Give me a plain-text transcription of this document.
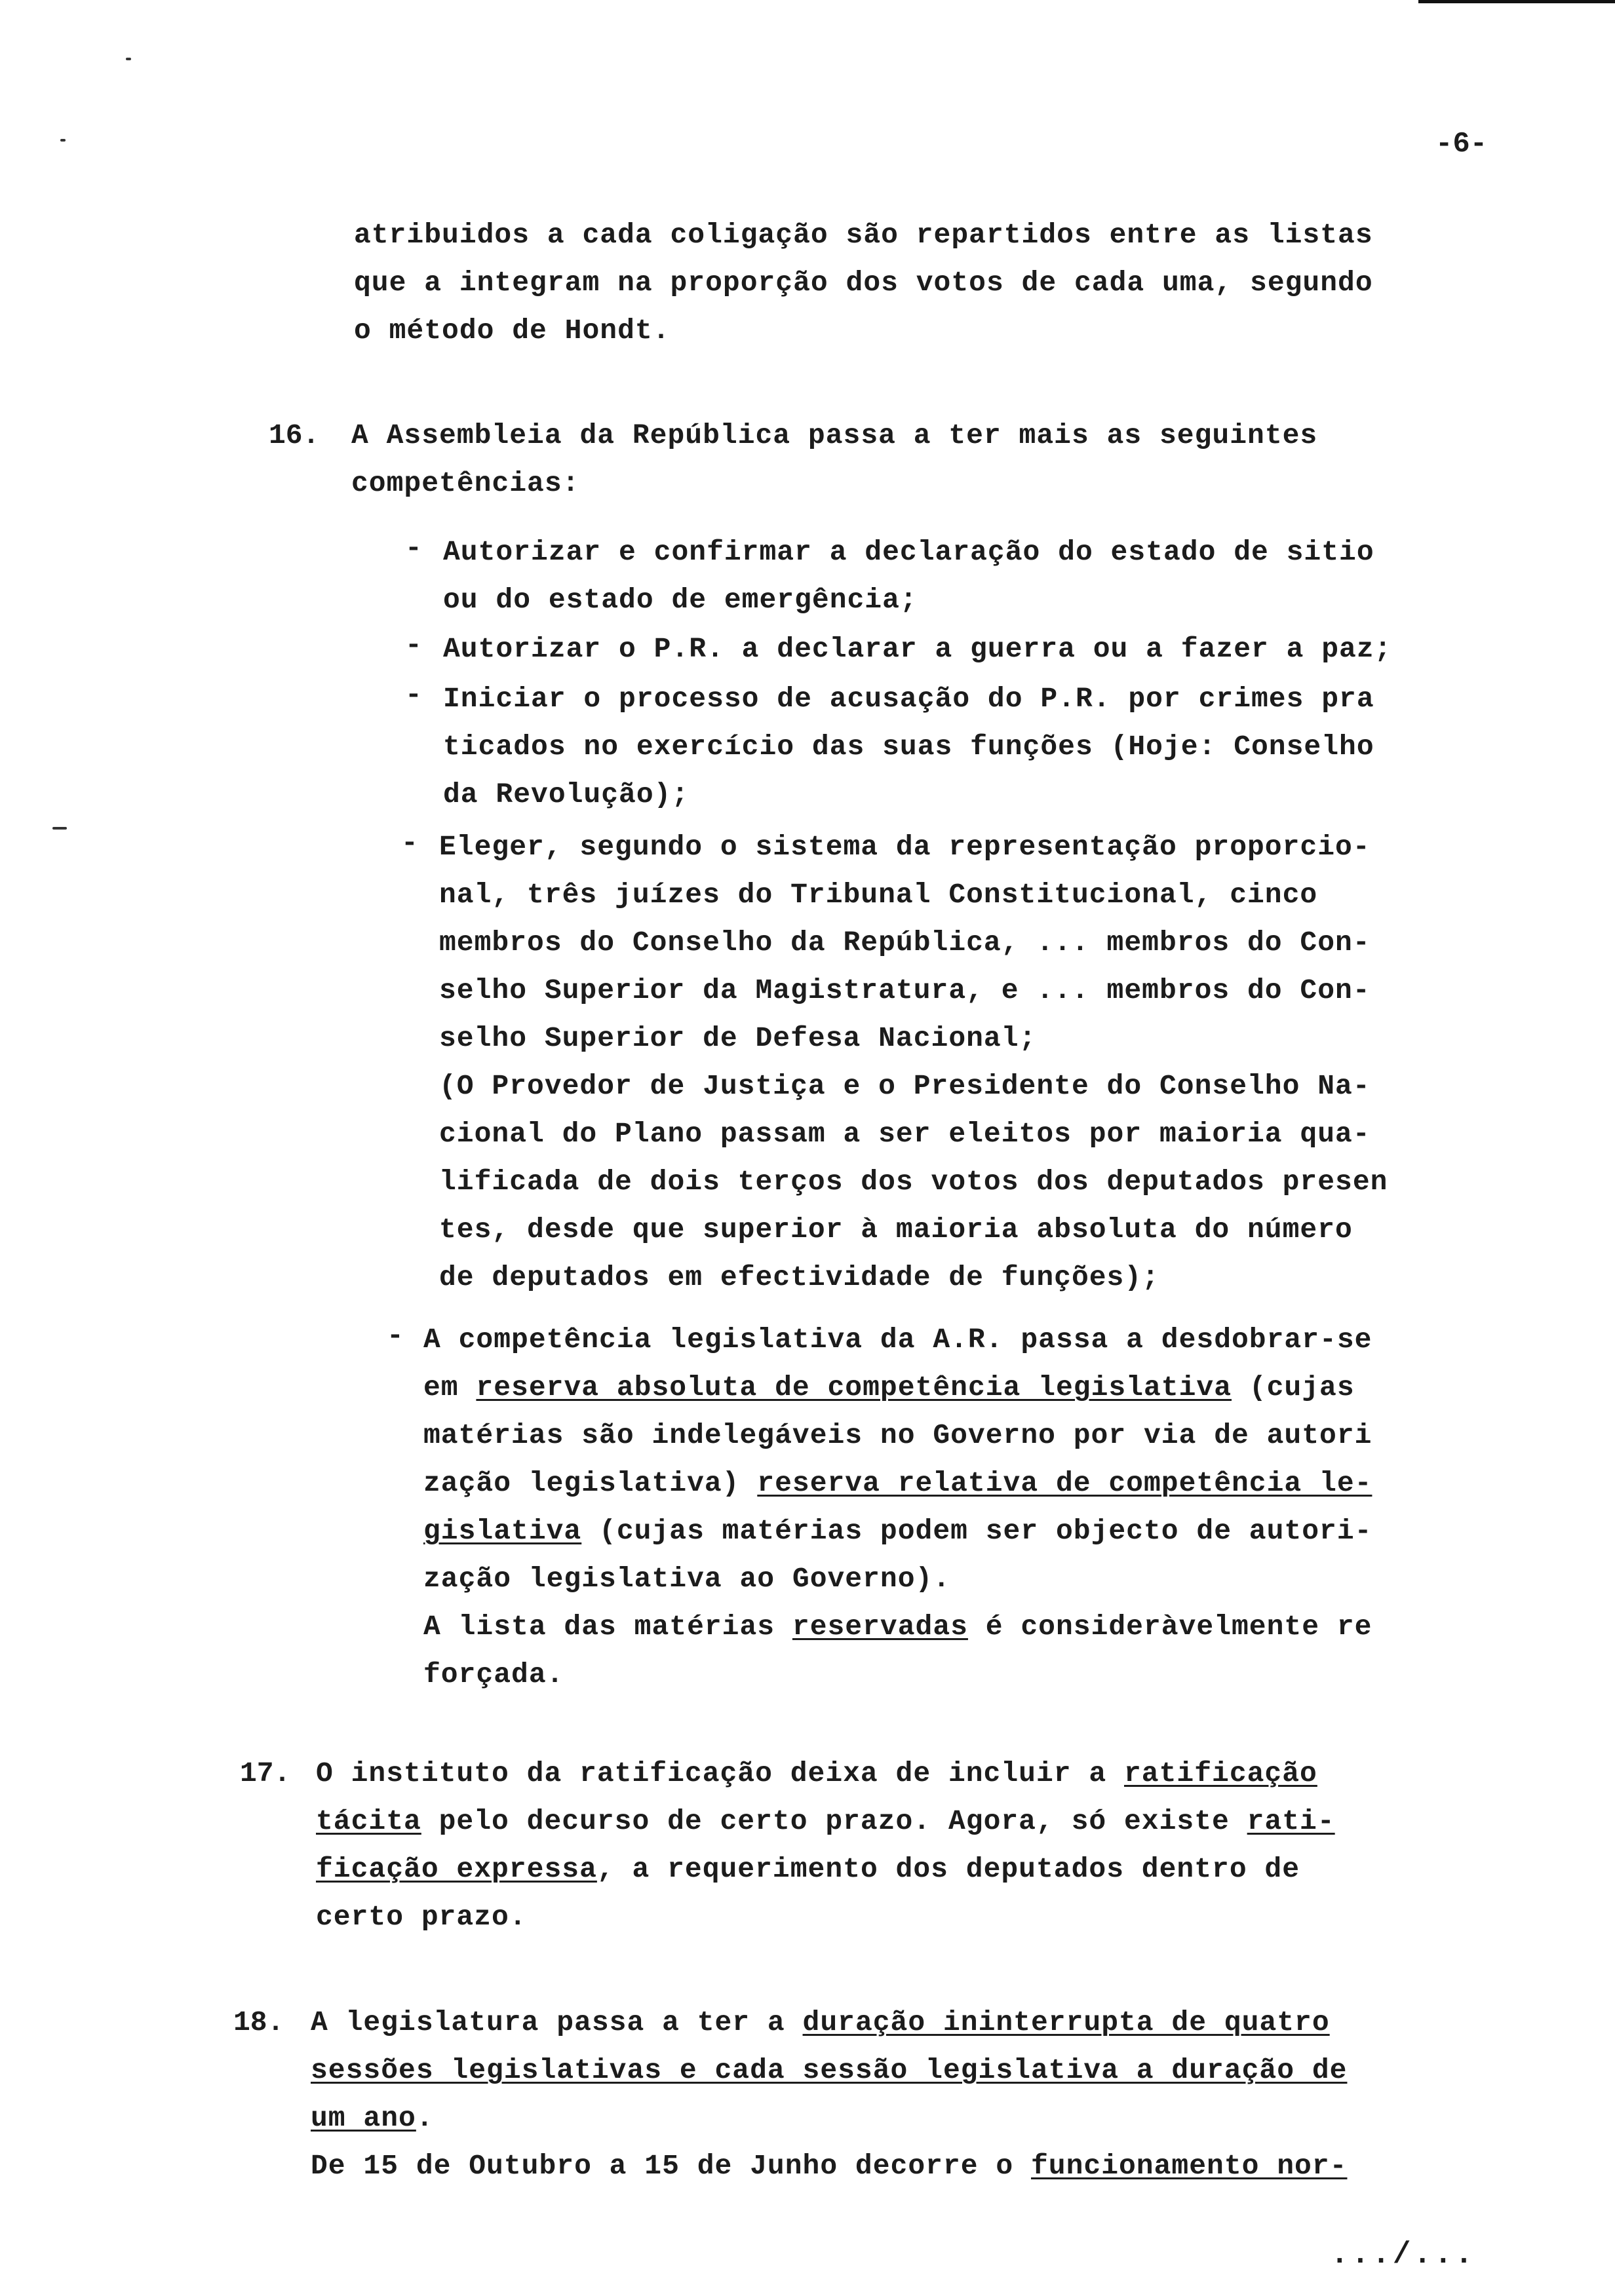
-6-

atribuidos a cada coligação são repartidos entre as listas

que a integram na proporção dos votos de cada uma, segundo

o método de Hondt.

16. A Assembleia da República passa a ter mais as seguintes

competências:

- Autorizar e confirmar a declaração do estado de sitio

ou do estado de emergência;

- Autorizar o P.R. a declarar a guerra ou a fazer a paz;

- Iniciar o processo de acusação do P.R. por crimes pra

ticados no exercício das suas funções (Hoje: Conselho

da Revolução);

- Eleger, segundo o sistema da representação proporcio-

nal, três juízes do Tribunal Constitucional, cinco

membros do Conselho da República, ... membros do Con-

selho Superior da Magistratura, e ... membros do Con-

selho Superior de Defesa Nacional;

(O Provedor de Justiça e o Presidente do Conselho Na-

cional do Plano passam a ser eleitos por maioria qua-

lificada de dois terços dos votos dos deputados presen

tes, desde que superior à maioria absoluta do número

de deputados em efectividade de funções);

- A competência legislativa da A.R. passa a desdobrar-se

em reserva absoluta de competência legislativa (cujas

matérias são indelegáveis no Governo por via de autori

zação legislativa) reserva relativa de competência le-

gislativa (cujas matérias podem ser objecto de autori-

zação legislativa ao Governo).

A lista das matérias reservadas é consideràvelmente re

forçada.

17. O instituto da ratificação deixa de incluir a ratificação

tácita pelo decurso de certo prazo. Agora, só existe rati-

ficação expressa, a requerimento dos deputados dentro de

certo prazo.

18. A legislatura passa a ter a duração ininterrupta de quatro

sessões legislativas e cada sessão legislativa a duração de

um ano.

De 15 de Outubro a 15 de Junho decorre o funcionamento nor-

.../...
